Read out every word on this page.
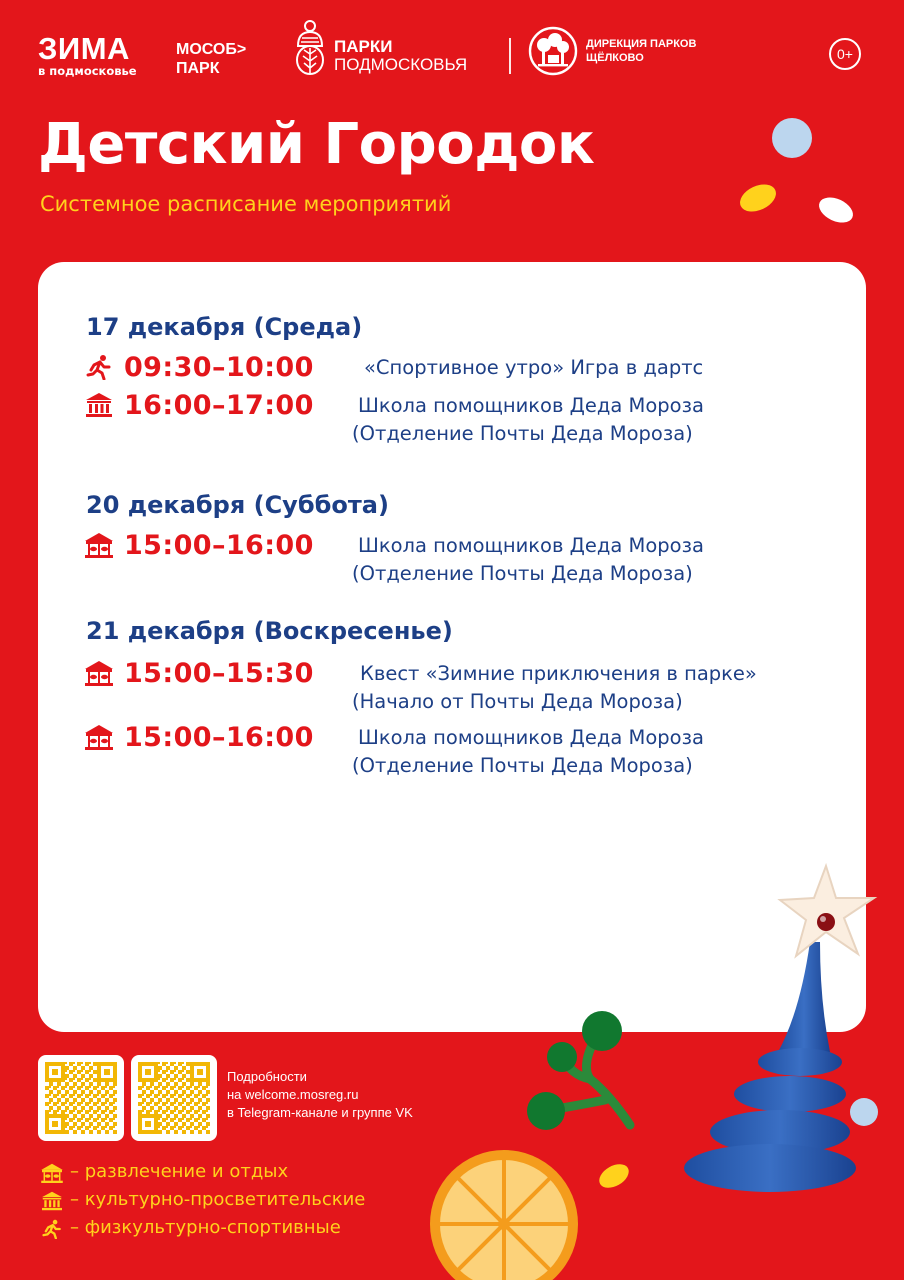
ЗИМА
в подмосковье
МОСОБ>
ПАРК
ПАРКИ
ПОДМОСКОВЬЯ
ДИРЕКЦИЯ ПАРКОВ
ЩЁЛКОВО	0+
Детский Городок
Системное расписание мероприятий
17 декабря (Среда)
09:30–10:00	«Спортивное утро» Игра в дартс
16:00–17:00 Школа помощников Деда Мороза
(Отделение Почты Деда Мороза)
20 декабря (Суббота)
15:00–16:00 Школа помощников Деда Мороза
(Отделение Почты Деда Мороза)
21 декабря (Воскресенье)
15:00–15:30 Квест «Зимние приключения в парке»
(Начало от Почты Деда Мороза)
15:00–16:00 Школа помощников Деда Мороза
(Отделение Почты Деда Мороза)
Подробности
на welcome.mosreg.ru
в Telegram-канале и группе VK
– развлечение и отдых
– культурно-просветительские
– физкультурно-спортивные
